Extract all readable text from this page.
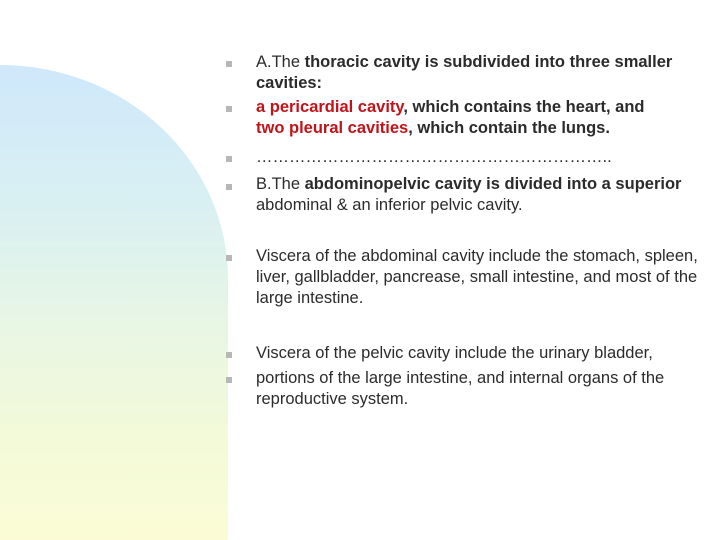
A.The thoracic cavity is subdivided into three smaller cavities:
a pericardial cavity, which contains the heart, and
two pleural cavities, which contain the lungs.
………………………………………………………..
B.The abdominopelvic cavity is divided into a superior abdominal & an inferior pelvic cavity.
Viscera of the abdominal cavity include the stomach, spleen, liver, gallbladder, pancrease, small intestine, and most of the large intestine.
Viscera of the pelvic cavity include the urinary bladder,
portions of the large intestine, and internal organs of the reproductive system.
